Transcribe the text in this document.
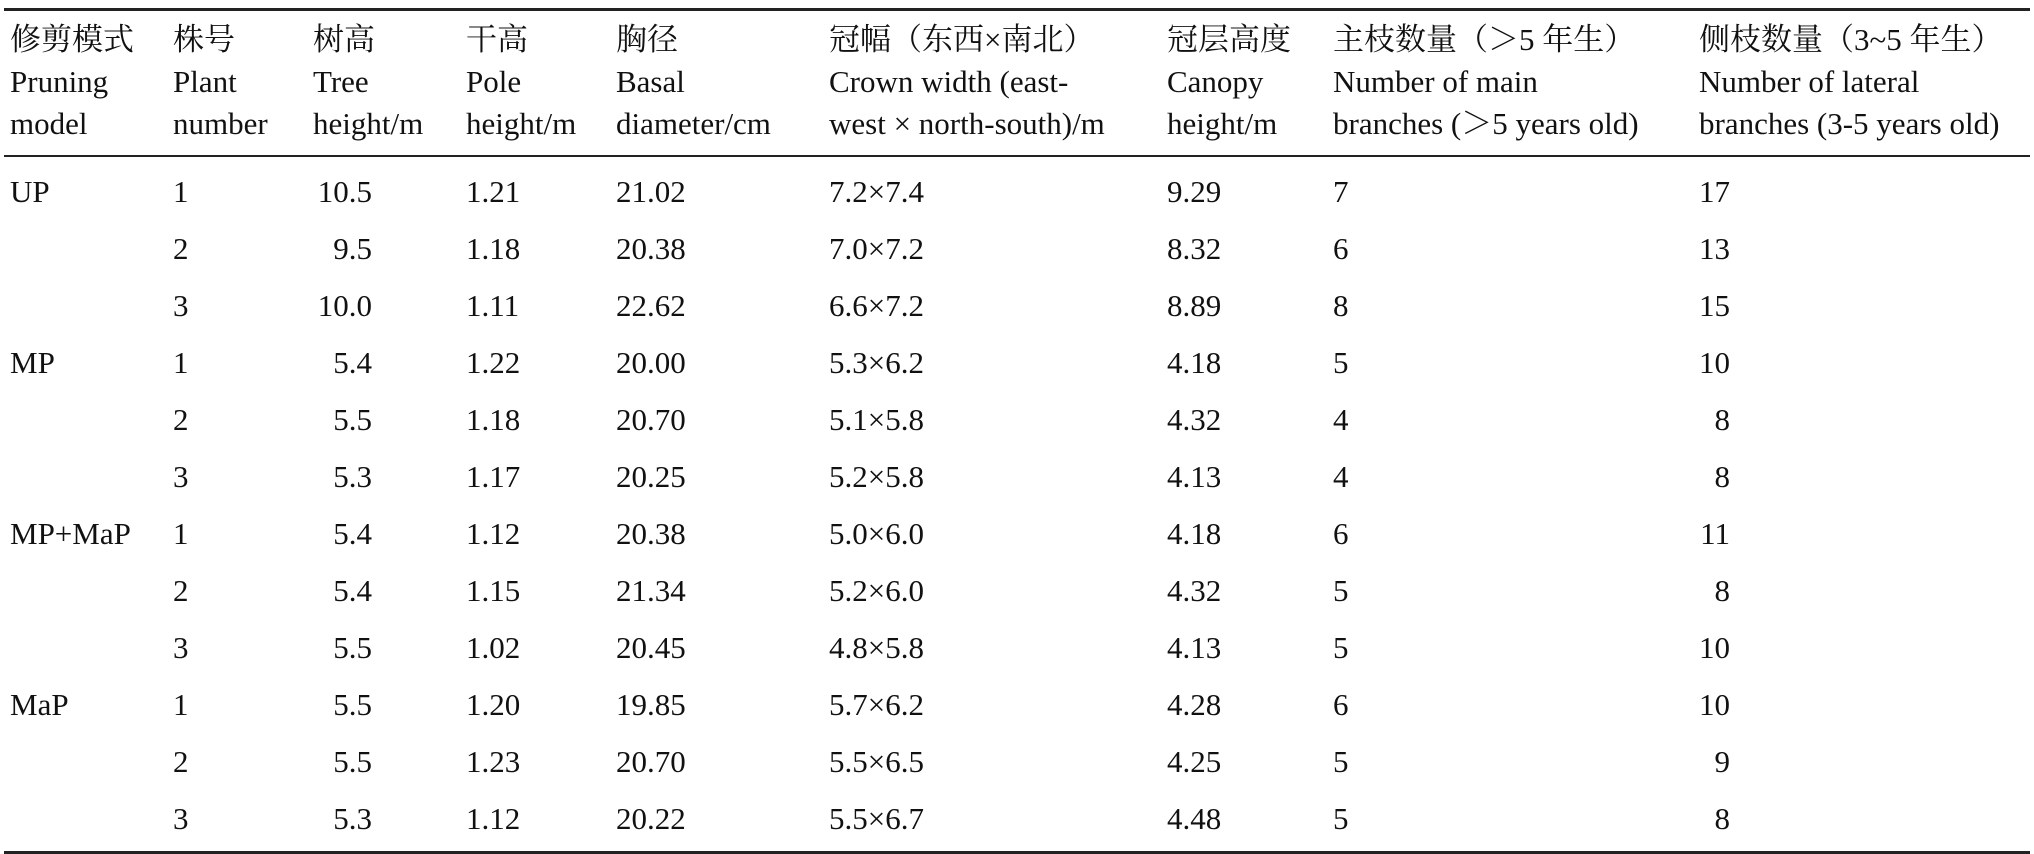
修剪模式
Pruning
model	株号
Plant
number	树高
Tree
height/m	干高
Pole
height/m	胸径
Basal
diameter/cm	冠幅（东西×南北）
Crown width (east-
west × north-south)/m	冠层高度
Canopy
height/m	主枝数量（＞5 年生）
Number of main
branches (＞5 years old)	侧枝数量（3~5 年生）
Number of lateral
branches (3-5 years old)

UP	1	10.5	1.21	21.02	7.2×7.4	9.29	7	17
	2	9.5	1.18	20.38	7.0×7.2	8.32	6	13
	3	10.0	1.11	22.62	6.6×7.2	8.89	8	15
MP	1	5.4	1.22	20.00	5.3×6.2	4.18	5	10
	2	5.5	1.18	20.70	5.1×5.8	4.32	4	8
	3	5.3	1.17	20.25	5.2×5.8	4.13	4	8
MP+MaP	1	5.4	1.12	20.38	5.0×6.0	4.18	6	11
	2	5.4	1.15	21.34	5.2×6.0	4.32	5	8
	3	5.5	1.02	20.45	4.8×5.8	4.13	5	10
MaP	1	5.5	1.20	19.85	5.7×6.2	4.28	6	10
	2	5.5	1.23	20.70	5.5×6.5	4.25	5	9
	3	5.3	1.12	20.22	5.5×6.7	4.48	5	8
